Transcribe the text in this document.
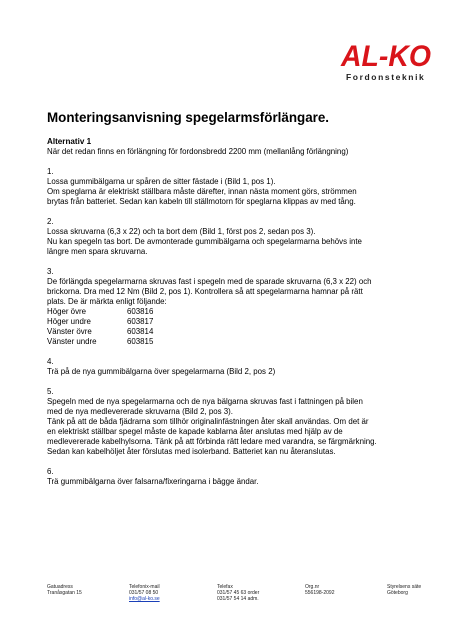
AL-KO
Fordonsteknik
Monteringsanvisning spegelarmsförlängare.
Alternativ 1
När det redan finns en förlängning för fordonsbredd 2200 mm (mellanlång förlängning)
1.
Lossa gummibälgarna ur spåren de sitter fästade i (Bild 1, pos 1).
Om speglarna är elektriskt ställbara måste därefter, innan nästa moment görs, strömmen
brytas från batteriet. Sedan kan kabeln till ställmotorn för speglarna klippas av med tång.
2.
Lossa skruvarna (6,3 x 22) och ta bort dem (Bild 1, först pos 2, sedan pos 3).
Nu kan spegeln tas bort. De avmonterade gummibälgarna och spegelarmarna behövs inte
längre men spara skruvarna.
3.
De förlängda spegelarmarna skruvas fast i spegeln med de sparade skruvarna (6,3 x 22) och
brickorna. Dra med 12 Nm (Bild 2, pos 1). Kontrollera så att spegelarmarna hamnar på rätt
plats. De är märkta enligt följande:
Höger övre	603816
Höger undre	603817
Vänster övre	603814
Vänster undre	603815
4.
Trä på de nya gummibälgarna över spegelarmarna (Bild 2, pos 2)
5.
Spegeln med de nya spegelarmarna och de nya bälgarna skruvas fast i fattningen på bilen
med de nya medlevererade skruvarna (Bild 2, pos 3).
Tänk på att de båda fjädrarna som tillhör originalinfästningen åter skall användas. Om det är
en elektriskt ställbar spegel måste de kapade kablarna åter anslutas med hjälp av de
medlevererade kabelhylsorna. Tänk på att förbinda rätt ledare med varandra, se färgmärkning.
Sedan kan kabelhöljet åter förslutas med isolerband. Batteriet kan nu återanslutas.
6.
Trä gummibälgarna över falsarna/fixeringarna i bägge ändar.
Gatuadress
Tranåsgatan 15
Telefonix-mail
031/57 08 50
info@al-ko.se
Telefax
031/57 45 63 order
031/57 54 14 adm.
Org.nr
556198-2092
Styrelsens säte
Göteborg
